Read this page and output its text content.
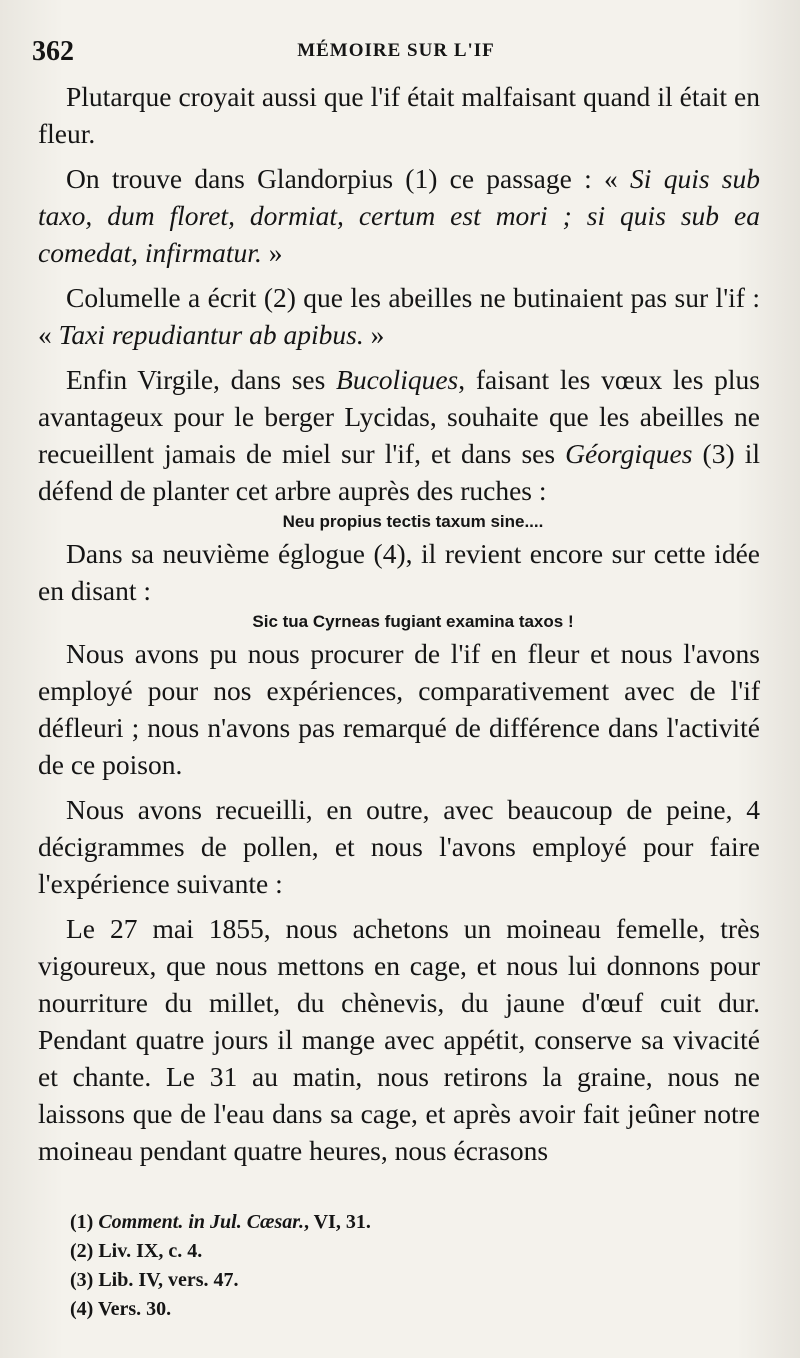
362	MÉMOIRE SUR L'IF

Plutarque croyait aussi que l'if était malfaisant quand il était en fleur.

On trouve dans Glandorpius (1) ce passage : « Si quis sub taxo, dum floret, dormiat, certum est mori ; si quis sub ea comedat, infirmatur. »

Columelle a écrit (2) que les abeilles ne butinaient pas sur l'if : « Taxi repudiantur ab apibus. »

Enfin Virgile, dans ses Bucoliques, faisant les vœux les plus avantageux pour le berger Lycidas, souhaite que les abeilles ne recueillent jamais de miel sur l'if, et dans ses Géorgiques (3) il défend de planter cet arbre auprès des ruches :

Neu propius tectis taxum sine....

Dans sa neuvième églogue (4), il revient encore sur cette idée en disant :

Sic tua Cyrneas fugiant examina taxos !

Nous avons pu nous procurer de l'if en fleur et nous l'avons employé pour nos expériences, comparativement avec de l'if défleuri ; nous n'avons pas remarqué de différence dans l'activité de ce poison.

Nous avons recueilli, en outre, avec beaucoup de peine, 4 décigrammes de pollen, et nous l'avons employé pour faire l'expérience suivante :

Le 27 mai 1855, nous achetons un moineau femelle, très vigoureux, que nous mettons en cage, et nous lui donnons pour nourriture du millet, du chènevis, du jaune d'œuf cuit dur. Pendant quatre jours il mange avec appétit, conserve sa vivacité et chante. Le 31 au matin, nous retirons la graine, nous ne laissons que de l'eau dans sa cage, et après avoir fait jeûner notre moineau pendant quatre heures, nous écrasons

(1) Comment. in Jul. Cæsar., VI, 31.
(2) Liv. IX, c. 4.
(3) Lib. IV, vers. 47.
(4) Vers. 30.
